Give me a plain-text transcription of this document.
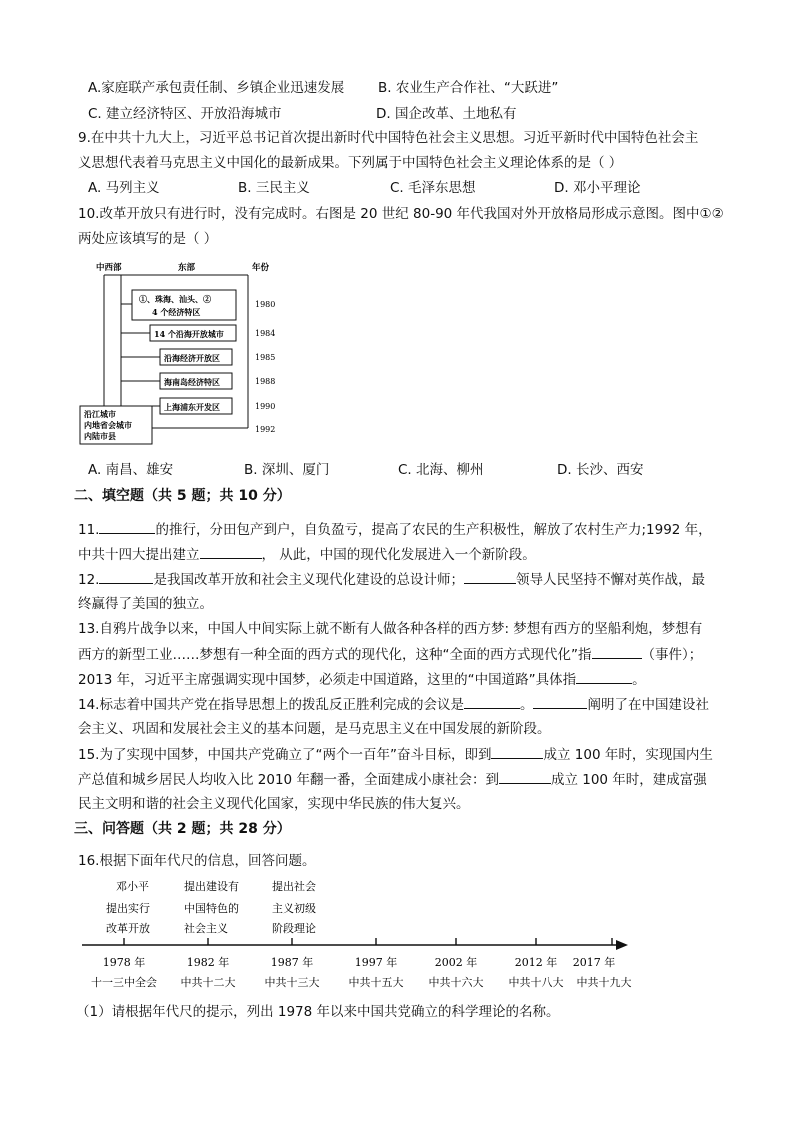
A.家庭联产承包责任制、乡镇企业迅速发展 B. 农业生产合作社、“大跃进”
C. 建立经济特区、开放沿海城市	D. 国企改革、土地私有
9.在中共十九大上，习近平总书记首次提出新时代中国特色社会主义思想。习近平新时代中国特色社会主
义思想代表着马克思主义中国化的最新成果。下列属于中国特色社会主义理论体系的是（ ）
A. 马列主义	B. 三民主义	C. 毛泽东思想	D. 邓小平理论
10.改革开放只有进行时，没有完成时。右图是 20 世纪 80-90 年代我国对外开放格局形成示意图。图中①②
两处应该填写的是（ ）
中西部	东部	年份
①、珠海、汕头、②
4 个经济特区
14 个沿海开放城市
沿海经济开放区
海南岛经济特区
上海浦东开发区
沿江城市
内地省会城市
内陆市县
1980
1984
1985
1988
1990
1992
A. 南昌、雄安	B. 深圳、厦门	C. 北海、柳州	D. 长沙、西安
二、填空题（共 5 题；共 10 分）
11.	的推行，分田包产到户，自负盈亏，提高了农民的生产积极性，解放了农村生产力;1992 年，
中共十四大提出建立	， 从此，中国的现代化发展进入一个新阶段。
12.	是我国改革开放和社会主义现代化建设的总设计师；	领导人民坚持不懈对英作战，最
终赢得了美国的独立。
13.自鸦片战争以来，中国人中间实际上就不断有人做各种各样的西方梦: 梦想有西方的坚船利炮，梦想有
西方的新型工业……梦想有一种全面的西方式的现代化，这种“全面的西方式现代化”指	（事件）；
2013 年，习近平主席强调实现中国梦，必须走中国道路，这里的“中国道路”具体指	。
14.标志着中国共产党在指导思想上的拨乱反正胜利完成的会议是	。	阐明了在中国建设社
会主义、巩固和发展社会主义的基本问题，是马克思主义在中国发展的新阶段。
15.为了实现中国梦，中国共产党确立了“两个一百年”奋斗目标，即到	成立 100 年时，实现国内生
产总值和城乡居民人均收入比 2010 年翻一番，全面建成小康社会：到	成立 100 年时，建成富强
民主文明和谐的社会主义现代化国家，实现中华民族的伟大复兴。
三、问答题（共 2 题；共 28 分）
16.根据下面年代尺的信息，回答问题。
邓小平
提出实行
改革开放
提出建设有
中国特色的
社会主义
提出社会
主义初级
阶段理论
1978 年	1982 年	1987 年	1997 年	2002 年	2012 年 2017 年
十一三中全会 中共十二大	中共十三大	中共十五大 中共十六大 中共十八大 中共十九大
（1）请根据年代尺的提示，列出 1978 年以来中国共党确立的科学理论的名称。
